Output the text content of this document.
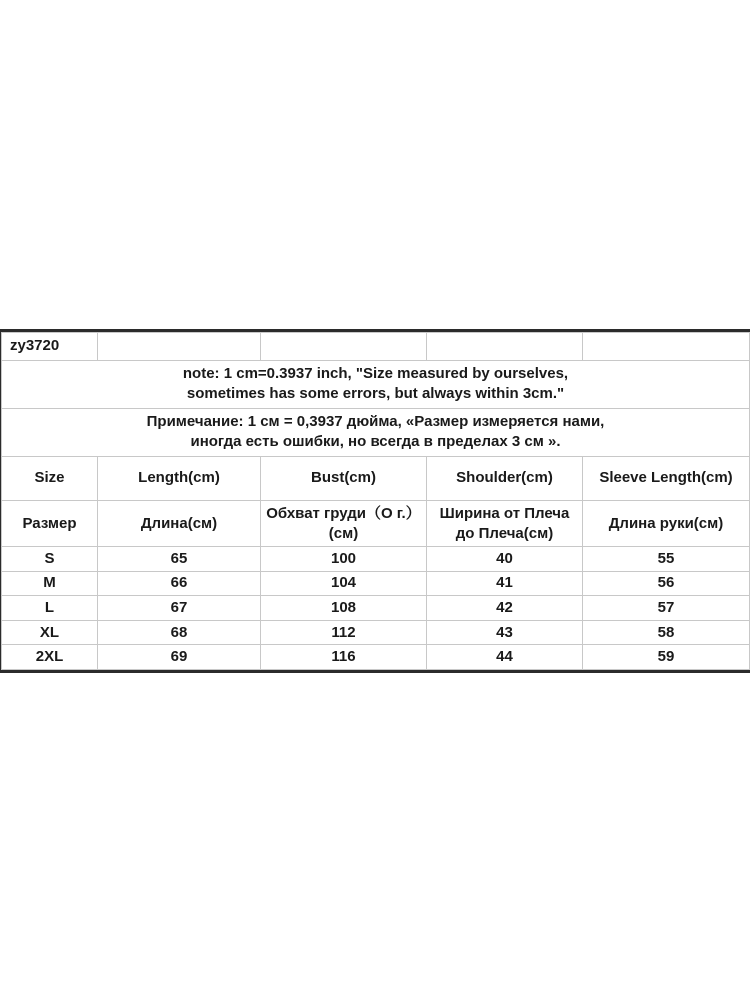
zy3720				

note: 1 cm=0.3937 inch, "Size measured by ourselves,
sometimes has some errors, but always within 3cm."				

Примечание: 1 см = 0,3937 дюйма, «Размер измеряется нами,
иногда есть ошибки, но всегда в пределах 3 см ».				

Size	Length(cm)	Bust(cm)	Shoulder(cm)	Sleeve Length(cm)
Размер	Длина(см)	Обхват груди（О г.）(см)	Ширина от Плеча до Плеча(см)	Длина руки(см)
S	65	100	40	55
M	66	104	41	56
L	67	108	42	57
XL	68	112	43	58
2XL	69	116	44	59
